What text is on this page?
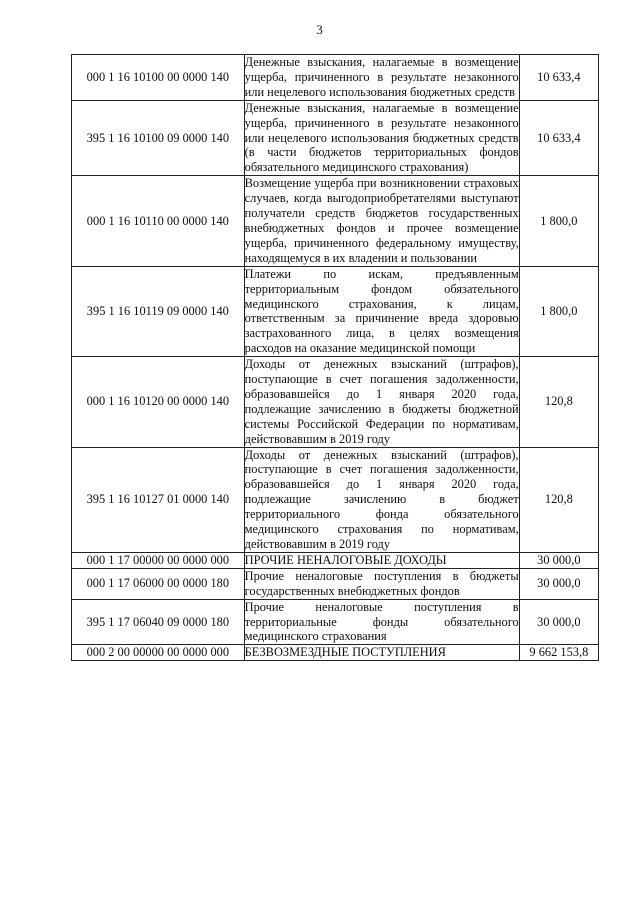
3
000 1 16 10100 00 0000 140	Денежные взыскания, налагаемые в возмещение ущерба, причиненного в результате незаконного или нецелевого использования бюджетных средств	10 633,4
395 1 16 10100 09 0000 140	Денежные взыскания, налагаемые в возмещение ущерба, причиненного в результате незаконного или нецелевого использования бюджетных средств (в части бюджетов территориальных фондов обязательного медицинского страхования)	10 633,4
000 1 16 10110 00 0000 140	Возмещение ущерба при возникновении страховых случаев, когда выгодоприобретателями выступают получатели средств бюджетов государственных внебюджетных фондов и прочее возмещение ущерба, причиненного федеральному имуществу, находящемуся в их владении и пользовании	1 800,0
395 1 16 10119 09 0000 140	Платежи по искам, предъявленным территориальным фондом обязательного медицинского страхования, к лицам, ответственным за причинение вреда здоровью застрахованного лица, в целях возмещения расходов на оказание медицинской помощи	1 800,0
000 1 16 10120 00 0000 140	Доходы от денежных взысканий (штрафов), поступающие в счет погашения задолженности, образовавшейся до 1 января 2020 года, подлежащие зачислению в бюджеты бюджетной системы Российской Федерации по нормативам, действовавшим в 2019 году	120,8
395 1 16 10127 01 0000 140	Доходы от денежных взысканий (штрафов), поступающие в счет погашения задолженности, образовавшейся до 1 января 2020 года, подлежащие зачислению в бюджет территориального фонда обязательного медицинского страхования по нормативам, действовавшим в 2019 году	120,8
000 1 17 00000 00 0000 000	ПРОЧИЕ НЕНАЛОГОВЫЕ ДОХОДЫ	30 000,0
000 1 17 06000 00 0000 180	Прочие неналоговые поступления в бюджеты государственных внебюджетных фондов	30 000,0
395 1 17 06040 09 0000 180	Прочие неналоговые поступления в территориальные фонды обязательного медицинского страхования	30 000,0
000 2 00 00000 00 0000 000	БЕЗВОЗМЕЗДНЫЕ ПОСТУПЛЕНИЯ	9 662 153,8
